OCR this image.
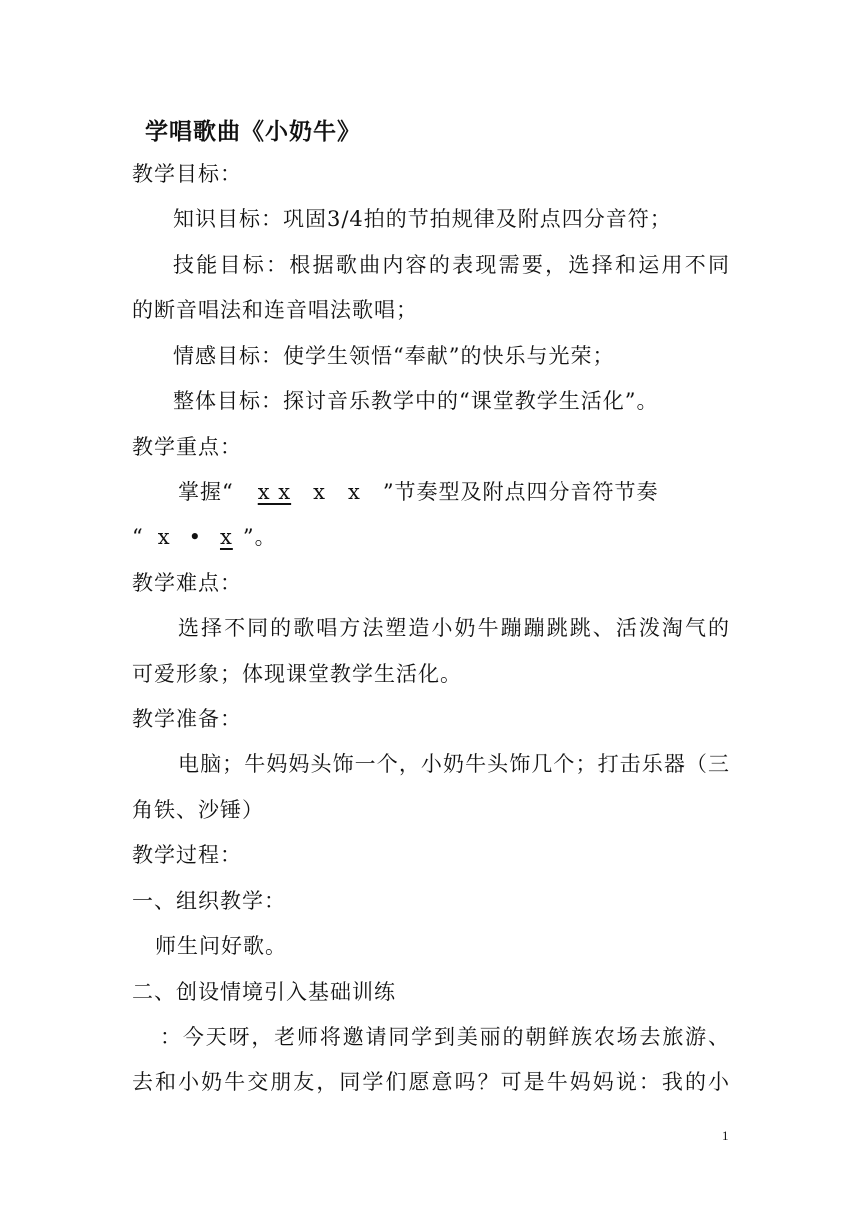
学唱歌曲《小奶牛》
教学目标：
知识目标：巩固3/4拍的节拍规律及附点四分音符；
技能目标：根据歌曲内容的表现需要，选择和运用不同
的断音唱法和连音唱法歌唱；
情感目标：使学生领悟“奉献”的快乐与光荣；
整体目标：探讨音乐教学中的“课堂教学生活化”。
教学重点：
掌握“ x x x x ”节奏型及附点四分音符节奏
“ x • x ”。
教学难点：
选择不同的歌唱方法塑造小奶牛蹦蹦跳跳、活泼淘气的
可爱形象；体现课堂教学生活化。
教学准备：
电脑；牛妈妈头饰一个，小奶牛头饰几个；打击乐器（三
角铁、沙锤）
教学过程：
一、组织教学：
师生问好歌。
二、创设情境引入基础训练
：今天呀，老师将邀请同学到美丽的朝鲜族农场去旅游、
去和小奶牛交朋友，同学们愿意吗？可是牛妈妈说：我的小
1
